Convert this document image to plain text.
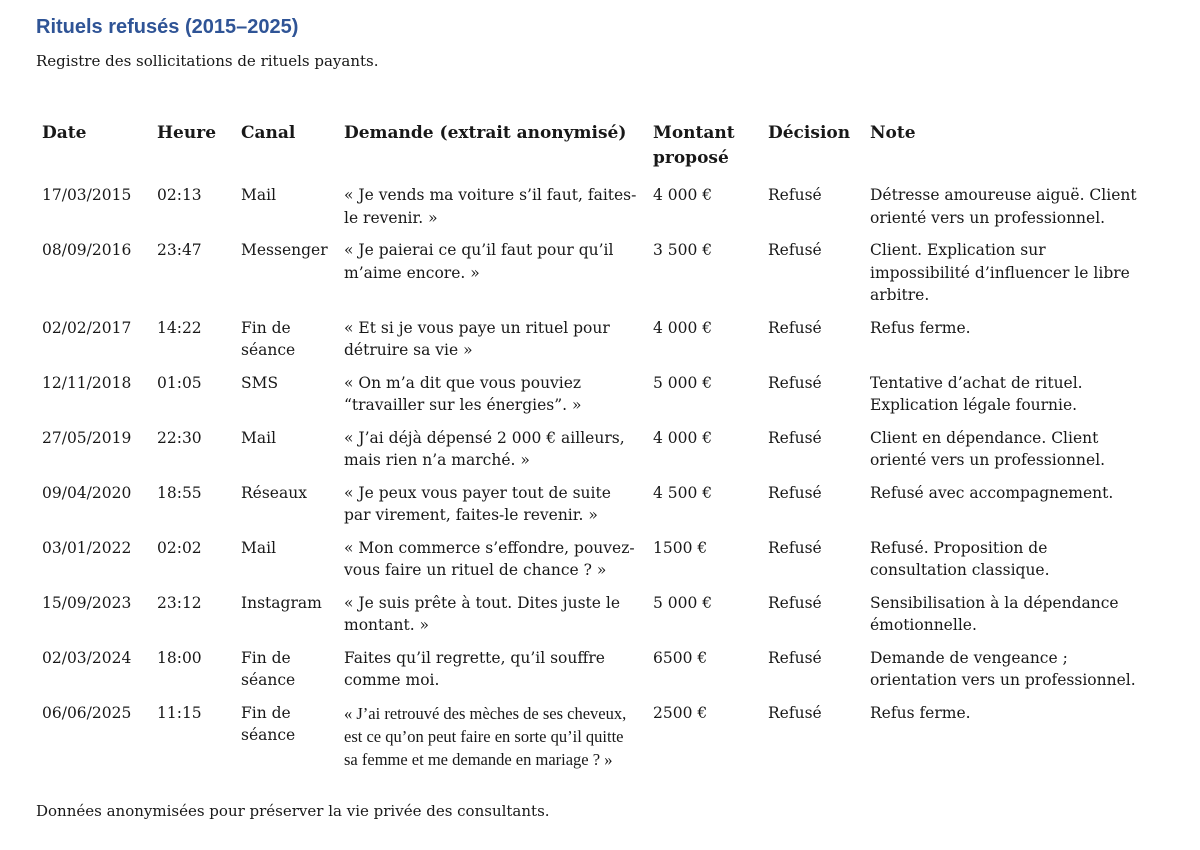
Rituels refusés (2015–2025)

Registre des sollicitations de rituels payants.

Date	Heure	Canal	Demande (extrait anonymisé)	Montant proposé	Décision	Note
17/03/2015	02:13	Mail	« Je vends ma voiture s’il faut, faites-le revenir. »	4 000 €	Refusé	Détresse amoureuse aiguë. Client orienté vers un professionnel.
08/09/2016	23:47	Messenger	« Je paierai ce qu’il faut pour qu’il m’aime encore. »	3 500 €	Refusé	Client. Explication sur impossibilité d’influencer le libre arbitre.
02/02/2017	14:22	Fin de séance	« Et si je vous paye un rituel pour détruire sa vie »	4 000 €	Refusé	Refus ferme.
12/11/2018	01:05	SMS	« On m’a dit que vous pouviez “travailler sur les énergies”. »	5 000 €	Refusé	Tentative d’achat de rituel. Explication légale fournie.
27/05/2019	22:30	Mail	« J’ai déjà dépensé 2 000 € ailleurs, mais rien n’a marché. »	4 000 €	Refusé	Client en dépendance. Client orienté vers un professionnel.
09/04/2020	18:55	Réseaux	« Je peux vous payer tout de suite par virement, faites-le revenir. »	4 500 €	Refusé	Refusé avec accompagnement.
03/01/2022	02:02	Mail	« Mon commerce s’effondre, pouvez-vous faire un rituel de chance ? »	1500 €	Refusé	Refusé. Proposition de consultation classique.
15/09/2023	23:12	Instagram	« Je suis prête à tout. Dites juste le montant. »	5 000 €	Refusé	Sensibilisation à la dépendance émotionnelle.
02/03/2024	18:00	Fin de séance	Faites qu’il regrette, qu’il souffre comme moi.	6500 €	Refusé	Demande de vengeance ; orientation vers un professionnel.
06/06/2025	11:15	Fin de séance	« J’ai retrouvé des mèches de ses cheveux, est ce qu’on peut faire en sorte qu’il quitte sa femme et me demande en mariage ? »	2500 €	Refusé	Refus ferme.

Données anonymisées pour préserver la vie privée des consultants.
